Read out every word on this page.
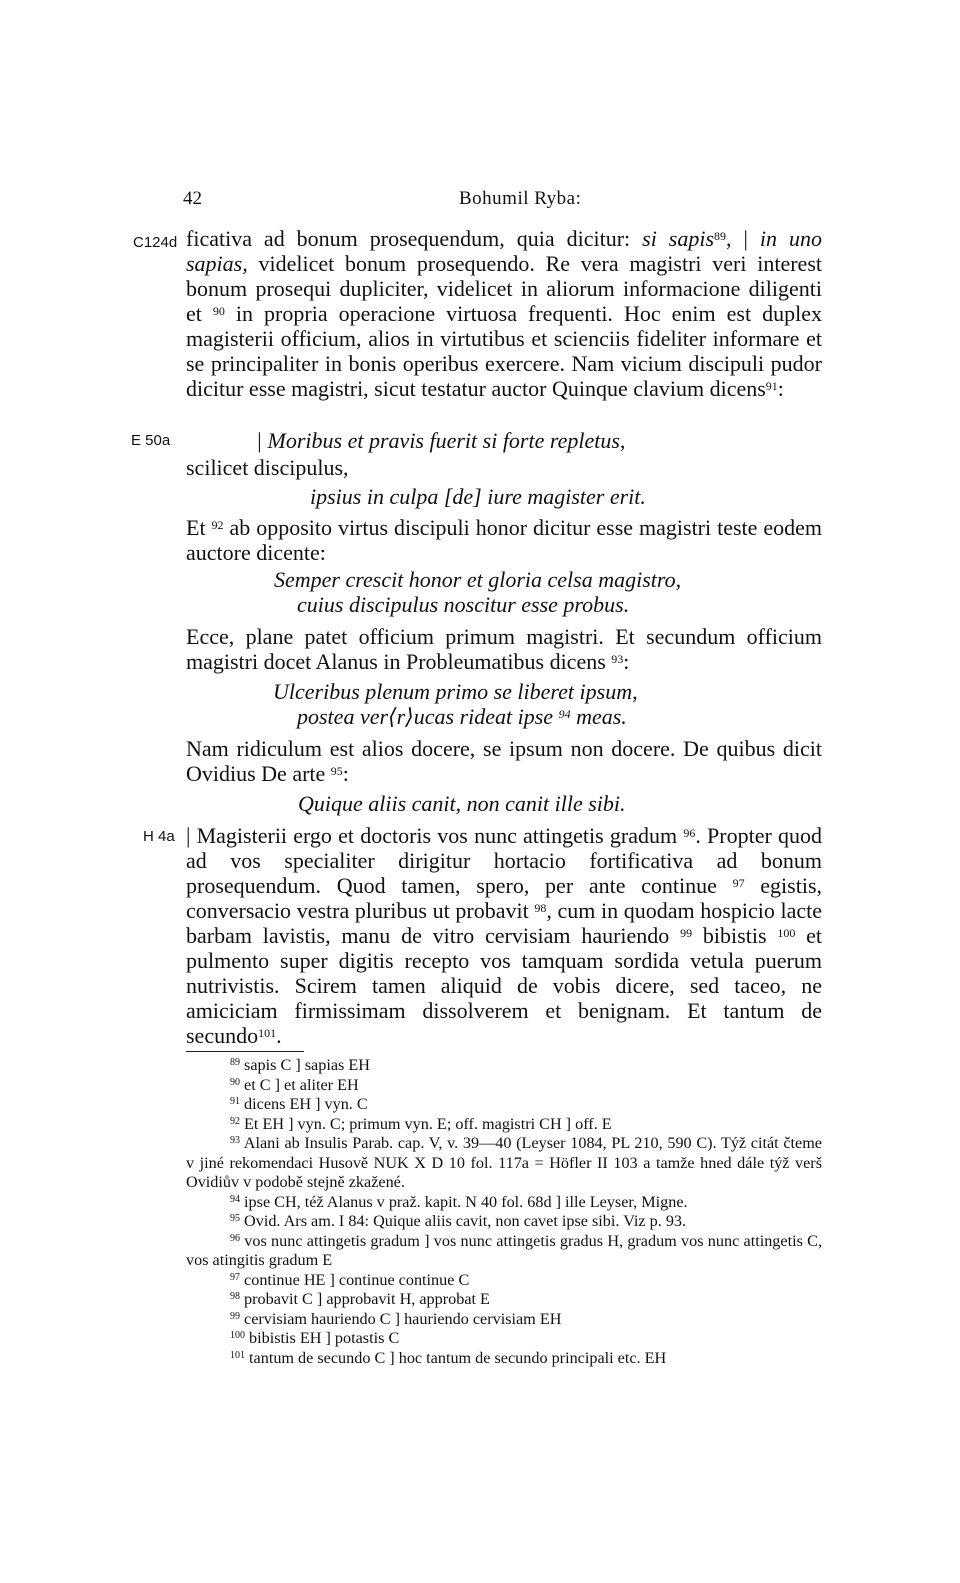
42	Bohumil Ryba:
C124d
E 50a
H 4a

ficativa ad bonum prosequendum, quia dicitur: si sapis$^{89}$, | in uno sapias, videlicet bonum prosequendo. Re vera magistri veri interest bonum prosequi dupliciter, videlicet in aliorum informacione diligenti et $^{90}$ in propria operacione virtuosa frequenti. Hoc enim est duplex magisterii officium, alios in virtutibus et scienciis fideliter informare et se principaliter in bonis operibus exercere. Nam vicium discipuli pudor dicitur esse magistri, sicut testatur auctor Quinque clavium dicens$^{91}$:

| Moribus et pravis fuerit si forte repletus,
scilicet discipulus,
ipsius in culpa [de] iure magister erit.

Et $^{92}$ ab opposito virtus discipuli honor dicitur esse magistri teste eodem auctore dicente:

Semper crescit honor et gloria celsa magistro,
cuius discipulus noscitur esse probus.

Ecce, plane patet officium primum magistri. Et secundum officium magistri docet Alanus in Probleumatibus dicens $^{93}$:

Ulceribus plenum primo se liberet ipsum,
postea ver⟨r⟩ucas rideat ipse $^{94}$ meas.

Nam ridiculum est alios docere, se ipsum non docere. De quibus dicit Ovidius De arte $^{95}$:

Quique aliis canit, non canit ille sibi.

| Magisterii ergo et doctoris vos nunc attingetis gradum $^{96}$. Propter quod ad vos specialiter dirigitur hortacio fortificativa ad bonum prosequendum. Quod tamen, spero, per ante continue $^{97}$ egistis, conversacio vestra pluribus ut probavit $^{98}$, cum in quodam hospicio lacte barbam lavistis, manu de vitro cervisiam hauriendo $^{99}$ bibistis $^{100}$ et pulmento super digitis recepto vos tamquam sordida vetula puerum nutrivistis. Scirem tamen aliquid de vobis dicere, sed taceo, ne amiciciam firmissimam dissolverem et benignam. Et tantum de secundo$^{101}$.

$^{89}$ sapis C ] sapias EH

$^{90}$ et C ] et aliter EH

$^{91}$ dicens EH ] vyn. C

$^{92}$ Et EH ] vyn. C; primum vyn. E; off. magistri CH ] off. E

$^{93}$ Alani ab Insulis Parab. cap. V, v. 39—40 (Leyser 1084, PL 210, 590 C). Týž citát čteme v jiné rekomendaci Husově NUK X D 10 fol. 117a = Höfler II 103 a tamže hned dále týž verš Ovidiův v podobě stejně zkažené.

$^{94}$ ipse CH, též Alanus v praž. kapit. N 40 fol. 68d ] ille Leyser, Migne.

$^{95}$ Ovid. Ars am. I 84: Quique aliis cavit, non cavet ipse sibi. Viz p. 93.

$^{96}$ vos nunc attingetis gradum ] vos nunc attingetis gradus H, gradum vos nunc attingetis C, vos atingitis gradum E

$^{97}$ continue HE ] continue continue C

$^{98}$ probavit C ] approbavit H, approbat E

$^{99}$ cervisiam hauriendo C ] hauriendo cervisiam EH

$^{100}$ bibistis EH ] potastis C

$^{101}$ tantum de secundo C ] hoc tantum de secundo principali etc. EH
